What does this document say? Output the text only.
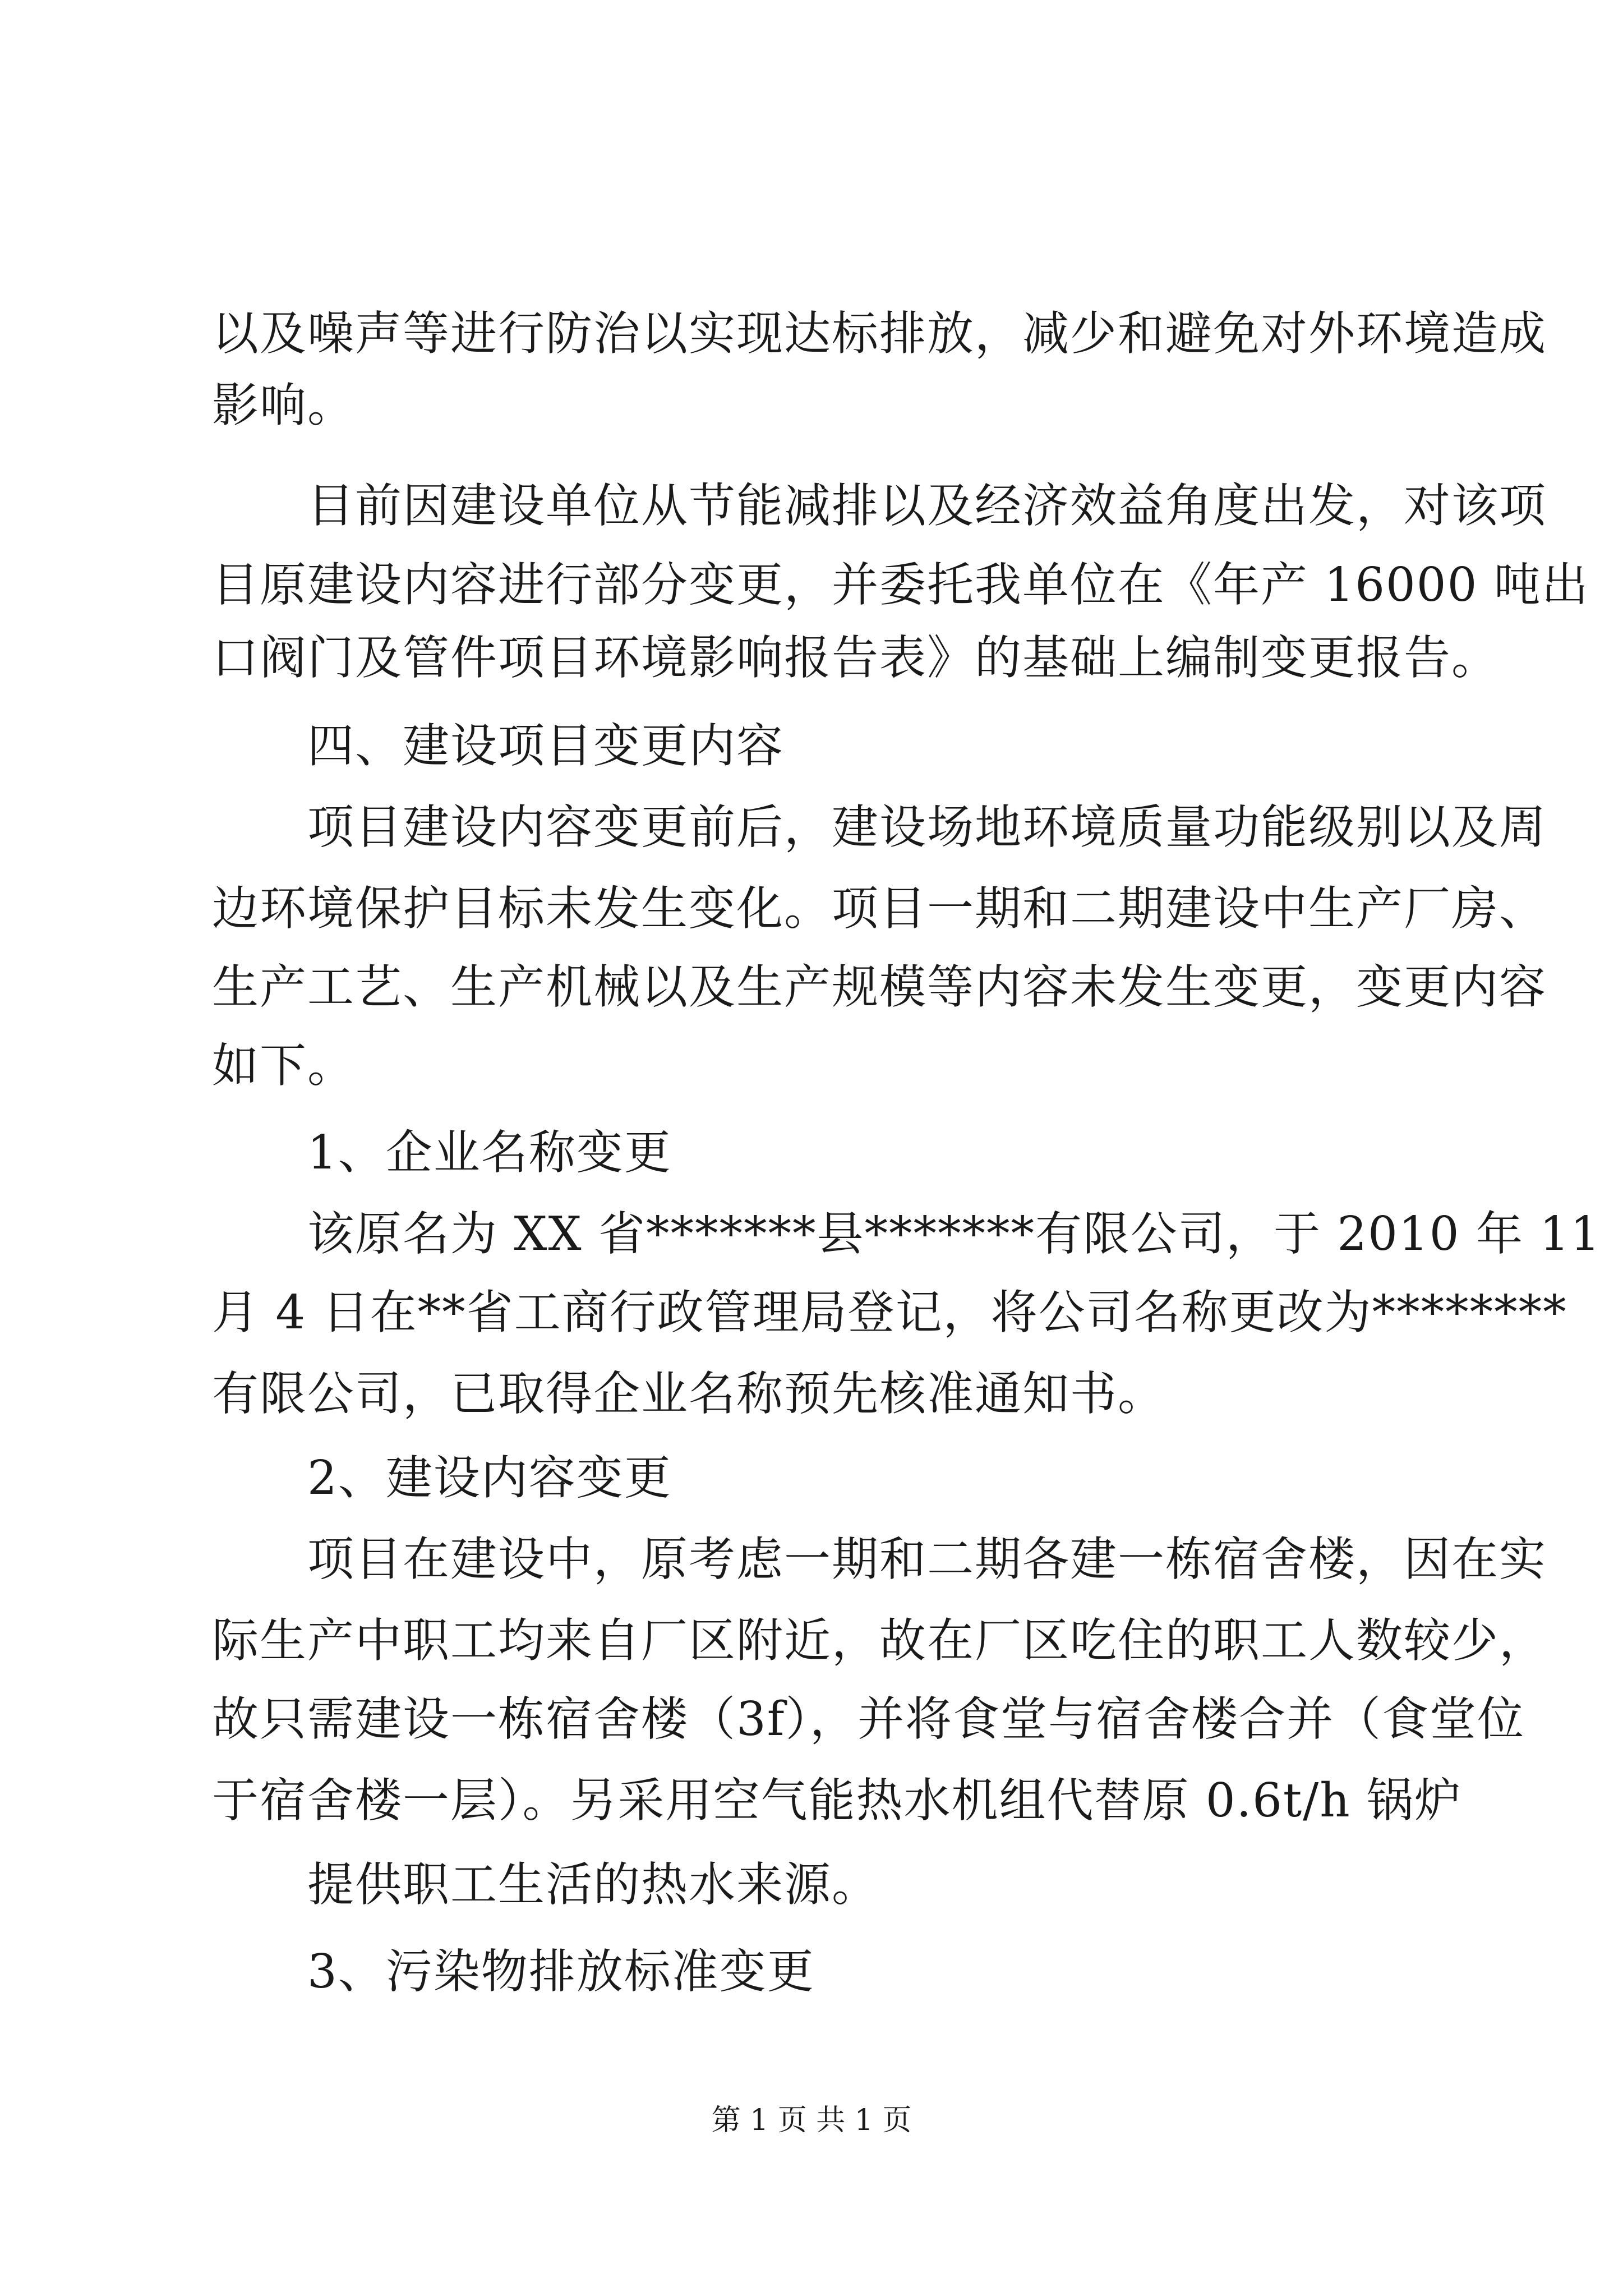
以及噪声等进行防治以实现达标排放，减少和避免对外环境造成
影响。
目前因建设单位从节能减排以及经济效益角度出发，对该项
目原建设内容进行部分变更，并委托我单位在《年产 16000 吨出
口阀门及管件项目环境影响报告表》的基础上编制变更报告。
四、建设项目变更内容
项目建设内容变更前后，建设场地环境质量功能级别以及周
边环境保护目标未发生变化。项目一期和二期建设中生产厂房、
生产工艺、生产机械以及生产规模等内容未发生变更，变更内容
如下。
1、企业名称变更
该原名为 XX 省*******县*******有限公司，于 2010 年 11
月 4 日在**省工商行政管理局登记，将公司名称更改为********
有限公司，已取得企业名称预先核准通知书。
2、建设内容变更
项目在建设中，原考虑一期和二期各建一栋宿舍楼，因在实
际生产中职工均来自厂区附近，故在厂区吃住的职工人数较少，
故只需建设一栋宿舍楼（3f），并将食堂与宿舍楼合并（食堂位
于宿舍楼一层）。另采用空气能热水机组代替原 0.6t/h 锅炉
提供职工生活的热水来源。
3、污染物排放标准变更
第 1 页 共 1 页
